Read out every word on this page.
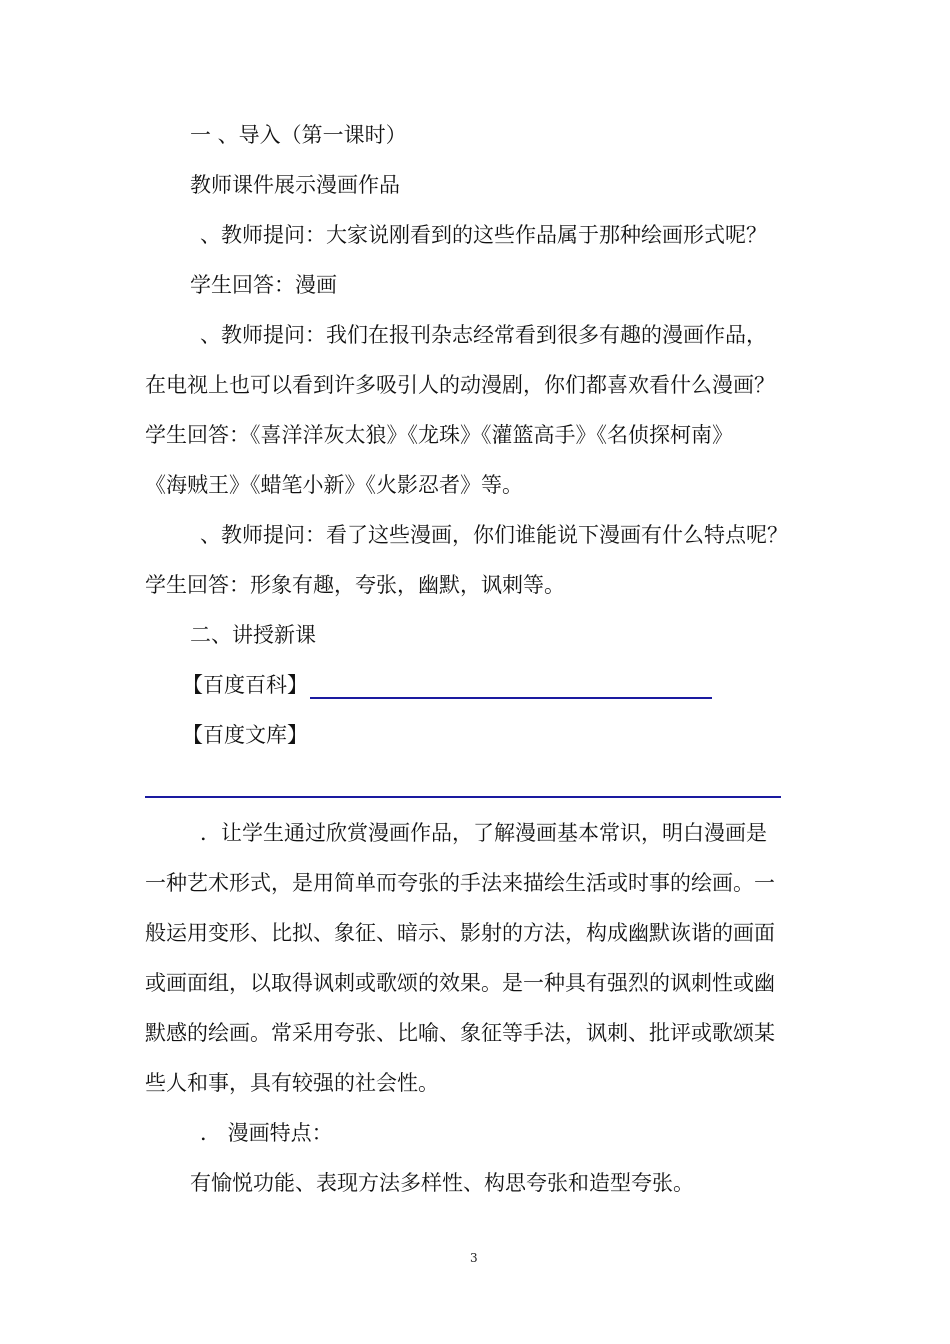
一 、导入（第一课时）
教师课件展示漫画作品
、教师提问：大家说刚看到的这些作品属于那种绘画形式呢？
学生回答：漫画
、教师提问：我们在报刊杂志经常看到很多有趣的漫画作品，
在电视上也可以看到许多吸引人的动漫剧，你们都喜欢看什么漫画？
学生回答：《喜洋洋灰太狼》《龙珠》《灌篮高手》《名侦探柯南》
《海贼王》《蜡笔小新》《火影忍者》等。
、教师提问：看了这些漫画，你们谁能说下漫画有什么特点呢？
学生回答：形象有趣，夸张，幽默，讽刺等。
二、讲授新课
【百度百科】
【百度文库】
．让学生通过欣赏漫画作品，了解漫画基本常识，明白漫画是
一种艺术形式，是用简单而夸张的手法来描绘生活或时事的绘画。一
般运用变形、比拟、象征、暗示、影射的方法，构成幽默诙谐的画面
或画面组，以取得讽刺或歌颂的效果。是一种具有强烈的讽刺性或幽
默感的绘画。常采用夸张、比喻、象征等手法，讽刺、批评或歌颂某
些人和事，具有较强的社会性。
． 漫画特点：
有愉悦功能、表现方法多样性、构思夸张和造型夸张。
3
